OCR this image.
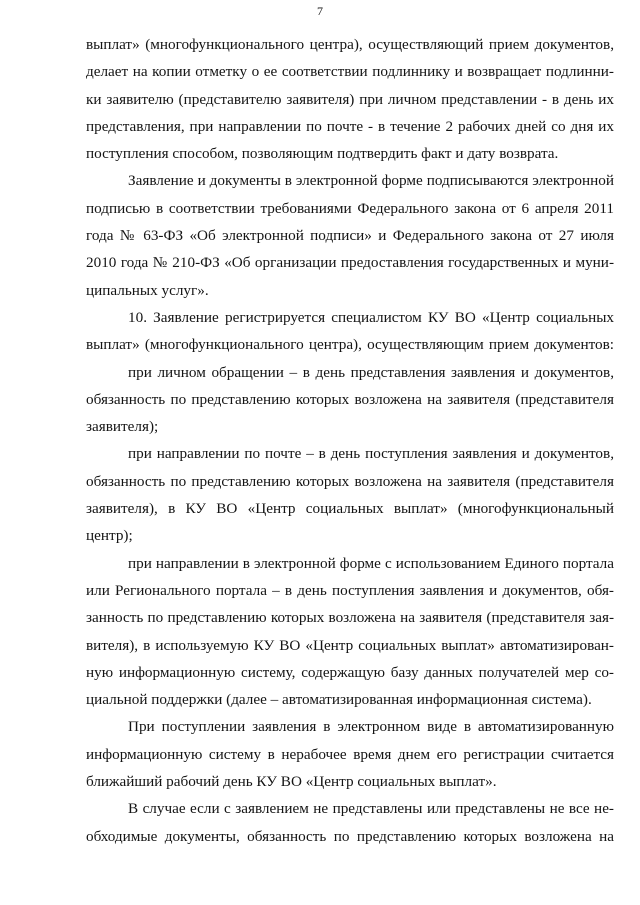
7
выплат» (многофункционального центра), осуществляющий прием документов,
делает на копии отметку о ее соответствии подлиннику и возвращает подлинни-
ки заявителю (представителю заявителя) при личном представлении - в день их
представления, при направлении по почте - в течение 2 рабочих дней со дня их
поступления способом, позволяющим подтвердить факт и дату возврата.
Заявление и документы в электронной форме подписываются электронной
подписью в соответствии требованиями Федерального закона от 6 апреля 2011
года № 63-ФЗ «Об электронной подписи» и Федерального закона от 27 июля
2010 года № 210-ФЗ «Об организации предоставления государственных и муни-
ципальных услуг».
10. Заявление регистрируется специалистом КУ ВО «Центр социальных
выплат» (многофункционального центра), осуществляющим прием документов:
при личном обращении – в день представления заявления и документов,
обязанность по представлению которых возложена на заявителя (представителя
заявителя);
при направлении по почте – в день поступления заявления и документов,
обязанность по представлению которых возложена на заявителя (представителя
заявителя), в КУ ВО «Центр социальных выплат» (многофункциональный
центр);
при направлении в электронной форме с использованием Единого портала
или Регионального портала – в день поступления заявления и документов, обя-
занность по представлению которых возложена на заявителя (представителя зая-
вителя), в используемую КУ ВО «Центр социальных выплат» автоматизирован-
ную информационную систему, содержащую базу данных получателей мер со-
циальной поддержки (далее – автоматизированная информационная система).
При поступлении заявления в электронном виде в автоматизированную
информационную систему в нерабочее время днем его регистрации считается
ближайший рабочий день КУ ВО «Центр социальных выплат».
В случае если с заявлением не представлены или представлены не все не-
обходимые документы, обязанность по представлению которых возложена на
